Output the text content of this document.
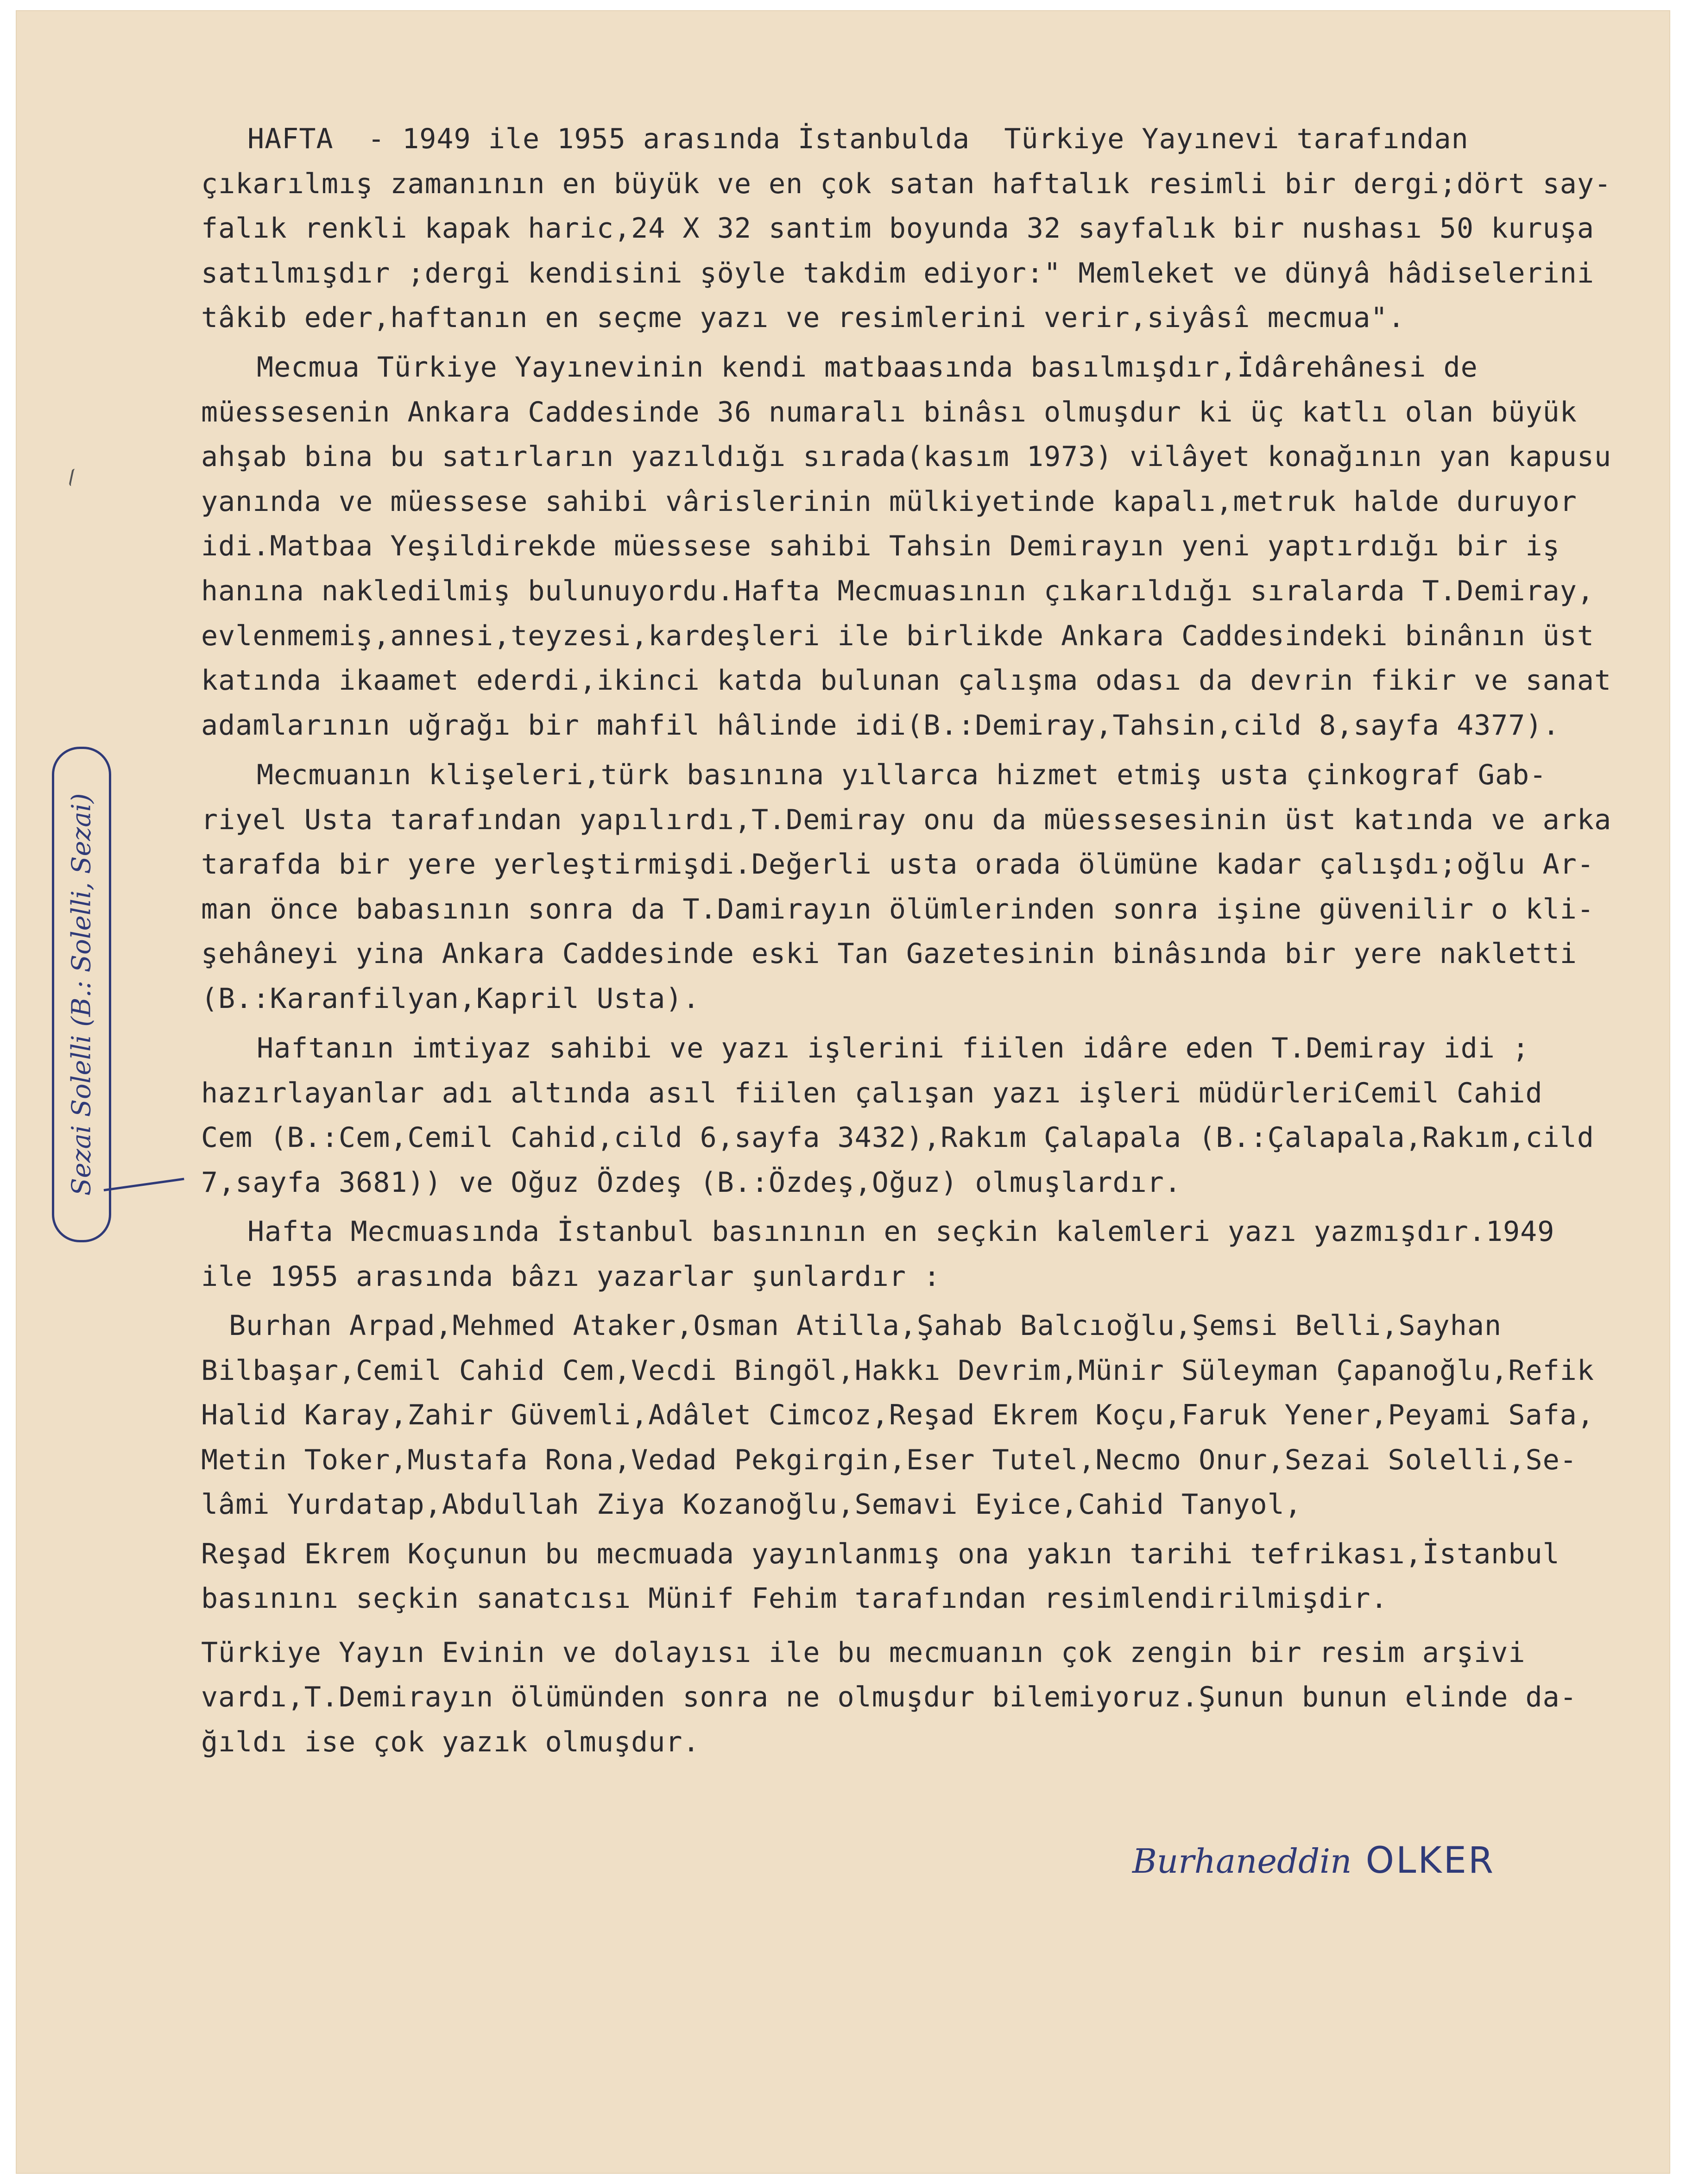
Sezai Solelli (B.: Solelli, Sezai)

HAFTA  - 1949 ile 1955 arasında İstanbulda  Türkiye Yayınevi tarafından

çıkarılmış zamanının en büyük ve en çok satan haftalık resimli bir dergi;dört say-

falık renkli kapak haric,24 X 32 santim boyunda 32 sayfalık bir nushası 50 kuruşa

satılmışdır ;dergi kendisini şöyle takdim ediyor:" Memleket ve dünyâ hâdiselerini

tâkib eder,haftanın en seçme yazı ve resimlerini verir,siyâsî mecmua".

Mecmua Türkiye Yayınevinin kendi matbaasında basılmışdır,İdârehânesi de

müessesenin Ankara Caddesinde 36 numaralı binâsı olmuşdur ki üç katlı olan büyük

ahşab bina bu satırların yazıldığı sırada(kasım 1973) vilâyet konağının yan kapusu

yanında ve müessese sahibi vârislerinin mülkiyetinde kapalı,metruk halde duruyor

idi.Matbaa Yeşildirekde müessese sahibi Tahsin Demirayın yeni yaptırdığı bir iş

hanına nakledilmiş bulunuyordu.Hafta Mecmuasının çıkarıldığı sıralarda T.Demiray,

evlenmemiş,annesi,teyzesi,kardeşleri ile birlikde Ankara Caddesindeki binânın üst

katında ikaamet ederdi,ikinci katda bulunan çalışma odası da devrin fikir ve sanat

adamlarının uğrağı bir mahfil hâlinde idi(B.:Demiray,Tahsin,cild 8,sayfa 4377).

Mecmuanın klişeleri,türk basınına yıllarca hizmet etmiş usta çinkograf Gab-

riyel Usta tarafından yapılırdı,T.Demiray onu da müessesesinin üst katında ve arka

tarafda bir yere yerleştirmişdi.Değerli usta orada ölümüne kadar çalışdı;oğlu Ar-

man önce babasının sonra da T.Damirayın ölümlerinden sonra işine güvenilir o kli-

şehâneyi yina Ankara Caddesinde eski Tan Gazetesinin binâsında bir yere nakletti

(B.:Karanfilyan,Kapril Usta).

Haftanın imtiyaz sahibi ve yazı işlerini fiilen idâre eden T.Demiray idi ;

hazırlayanlar adı altında asıl fiilen çalışan yazı işleri müdürleriCemil Cahid

Cem (B.:Cem,Cemil Cahid,cild 6,sayfa 3432),Rakım Çalapala (B.:Çalapala,Rakım,cild

7,sayfa 3681)) ve Oğuz Özdeş (B.:Özdeş,Oğuz) olmuşlardır.

Hafta Mecmuasında İstanbul basınının en seçkin kalemleri yazı yazmışdır.1949

ile 1955 arasında bâzı yazarlar şunlardır :

Burhan Arpad,Mehmed Ataker,Osman Atilla,Şahab Balcıoğlu,Şemsi Belli,Sayhan

Bilbaşar,Cemil Cahid Cem,Vecdi Bingöl,Hakkı Devrim,Münir Süleyman Çapanoğlu,Refik

Halid Karay,Zahir Güvemli,Adâlet Cimcoz,Reşad Ekrem Koçu,Faruk Yener,Peyami Safa,

Metin Toker,Mustafa Rona,Vedad Pekgirgin,Eser Tutel,Necmo Onur,Sezai Solelli,Se-

lâmi Yurdatap,Abdullah Ziya Kozanoğlu,Semavi Eyice,Cahid Tanyol,

Reşad Ekrem Koçunun bu mecmuada yayınlanmış ona yakın tarihi tefrikası,İstanbul

basınını seçkin sanatcısı Münif Fehim tarafından resimlendirilmişdir.

Türkiye Yayın Evinin ve dolayısı ile bu mecmuanın çok zengin bir resim arşivi

vardı,T.Demirayın ölümünden sonra ne olmuşdur bilemiyoruz.Şunun bunun elinde da-

ğıldı ise çok yazık olmuşdur.

Burhaneddin OLKER
